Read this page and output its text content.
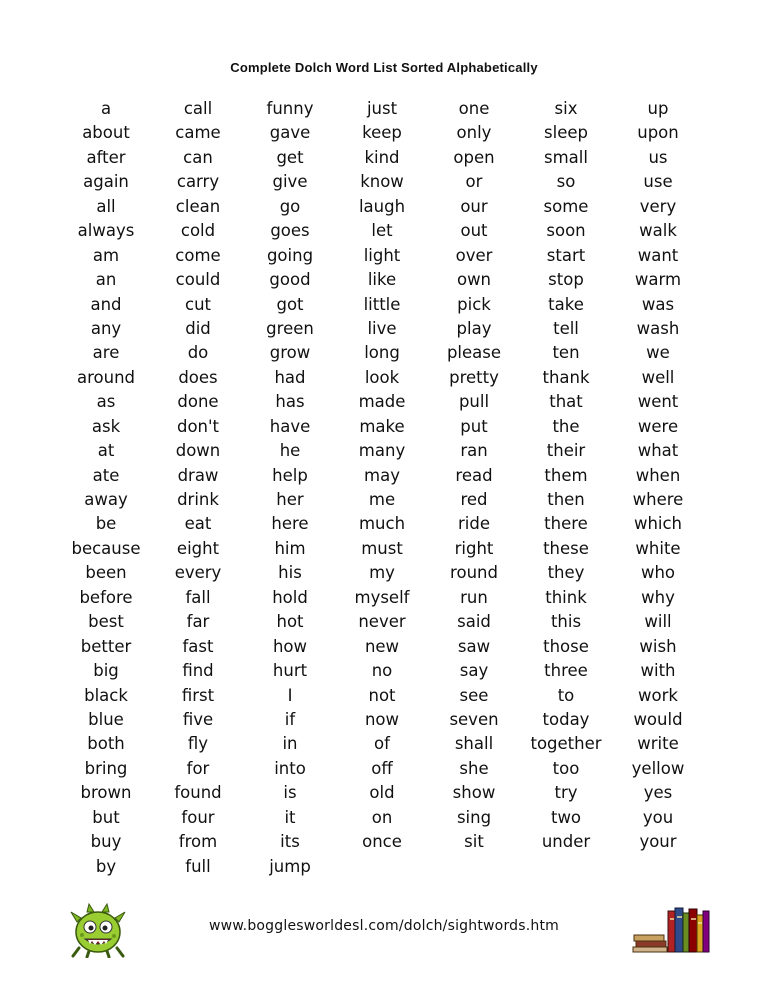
Complete Dolch Word List Sorted Alphabetically
a
about
after
again
all
always
am
an
and
any
are
around
as
ask
at
ate
away
be
because
been
before
best
better
big
black
blue
both
bring
brown
but
buy
by
call
came
can
carry
clean
cold
come
could
cut
did
do
does
done
don't
down
draw
drink
eat
eight
every
fall
far
fast
find
first
five
fly
for
found
four
from
full
funny
gave
get
give
go
goes
going
good
got
green
grow
had
has
have
he
help
her
here
him
his
hold
hot
how
hurt
I
if
in
into
is
it
its
jump
just
keep
kind
know
laugh
let
light
like
little
live
long
look
made
make
many
may
me
much
must
my
myself
never
new
no
not
now
of
off
old
on
once
one
only
open
or
our
out
over
own
pick
play
please
pretty
pull
put
ran
read
red
ride
right
round
run
said
saw
say
see
seven
shall
she
show
sing
sit
six
sleep
small
so
some
soon
start
stop
take
tell
ten
thank
that
the
their
them
then
there
these
they
think
this
those
three
to
today
together
too
try
two
under
up
upon
us
use
very
walk
want
warm
was
wash
we
well
went
were
what
when
where
which
white
who
why
will
wish
with
work
would
write
yellow
yes
you
your
www.bogglesworldesl.com/dolch/sightwords.htm
